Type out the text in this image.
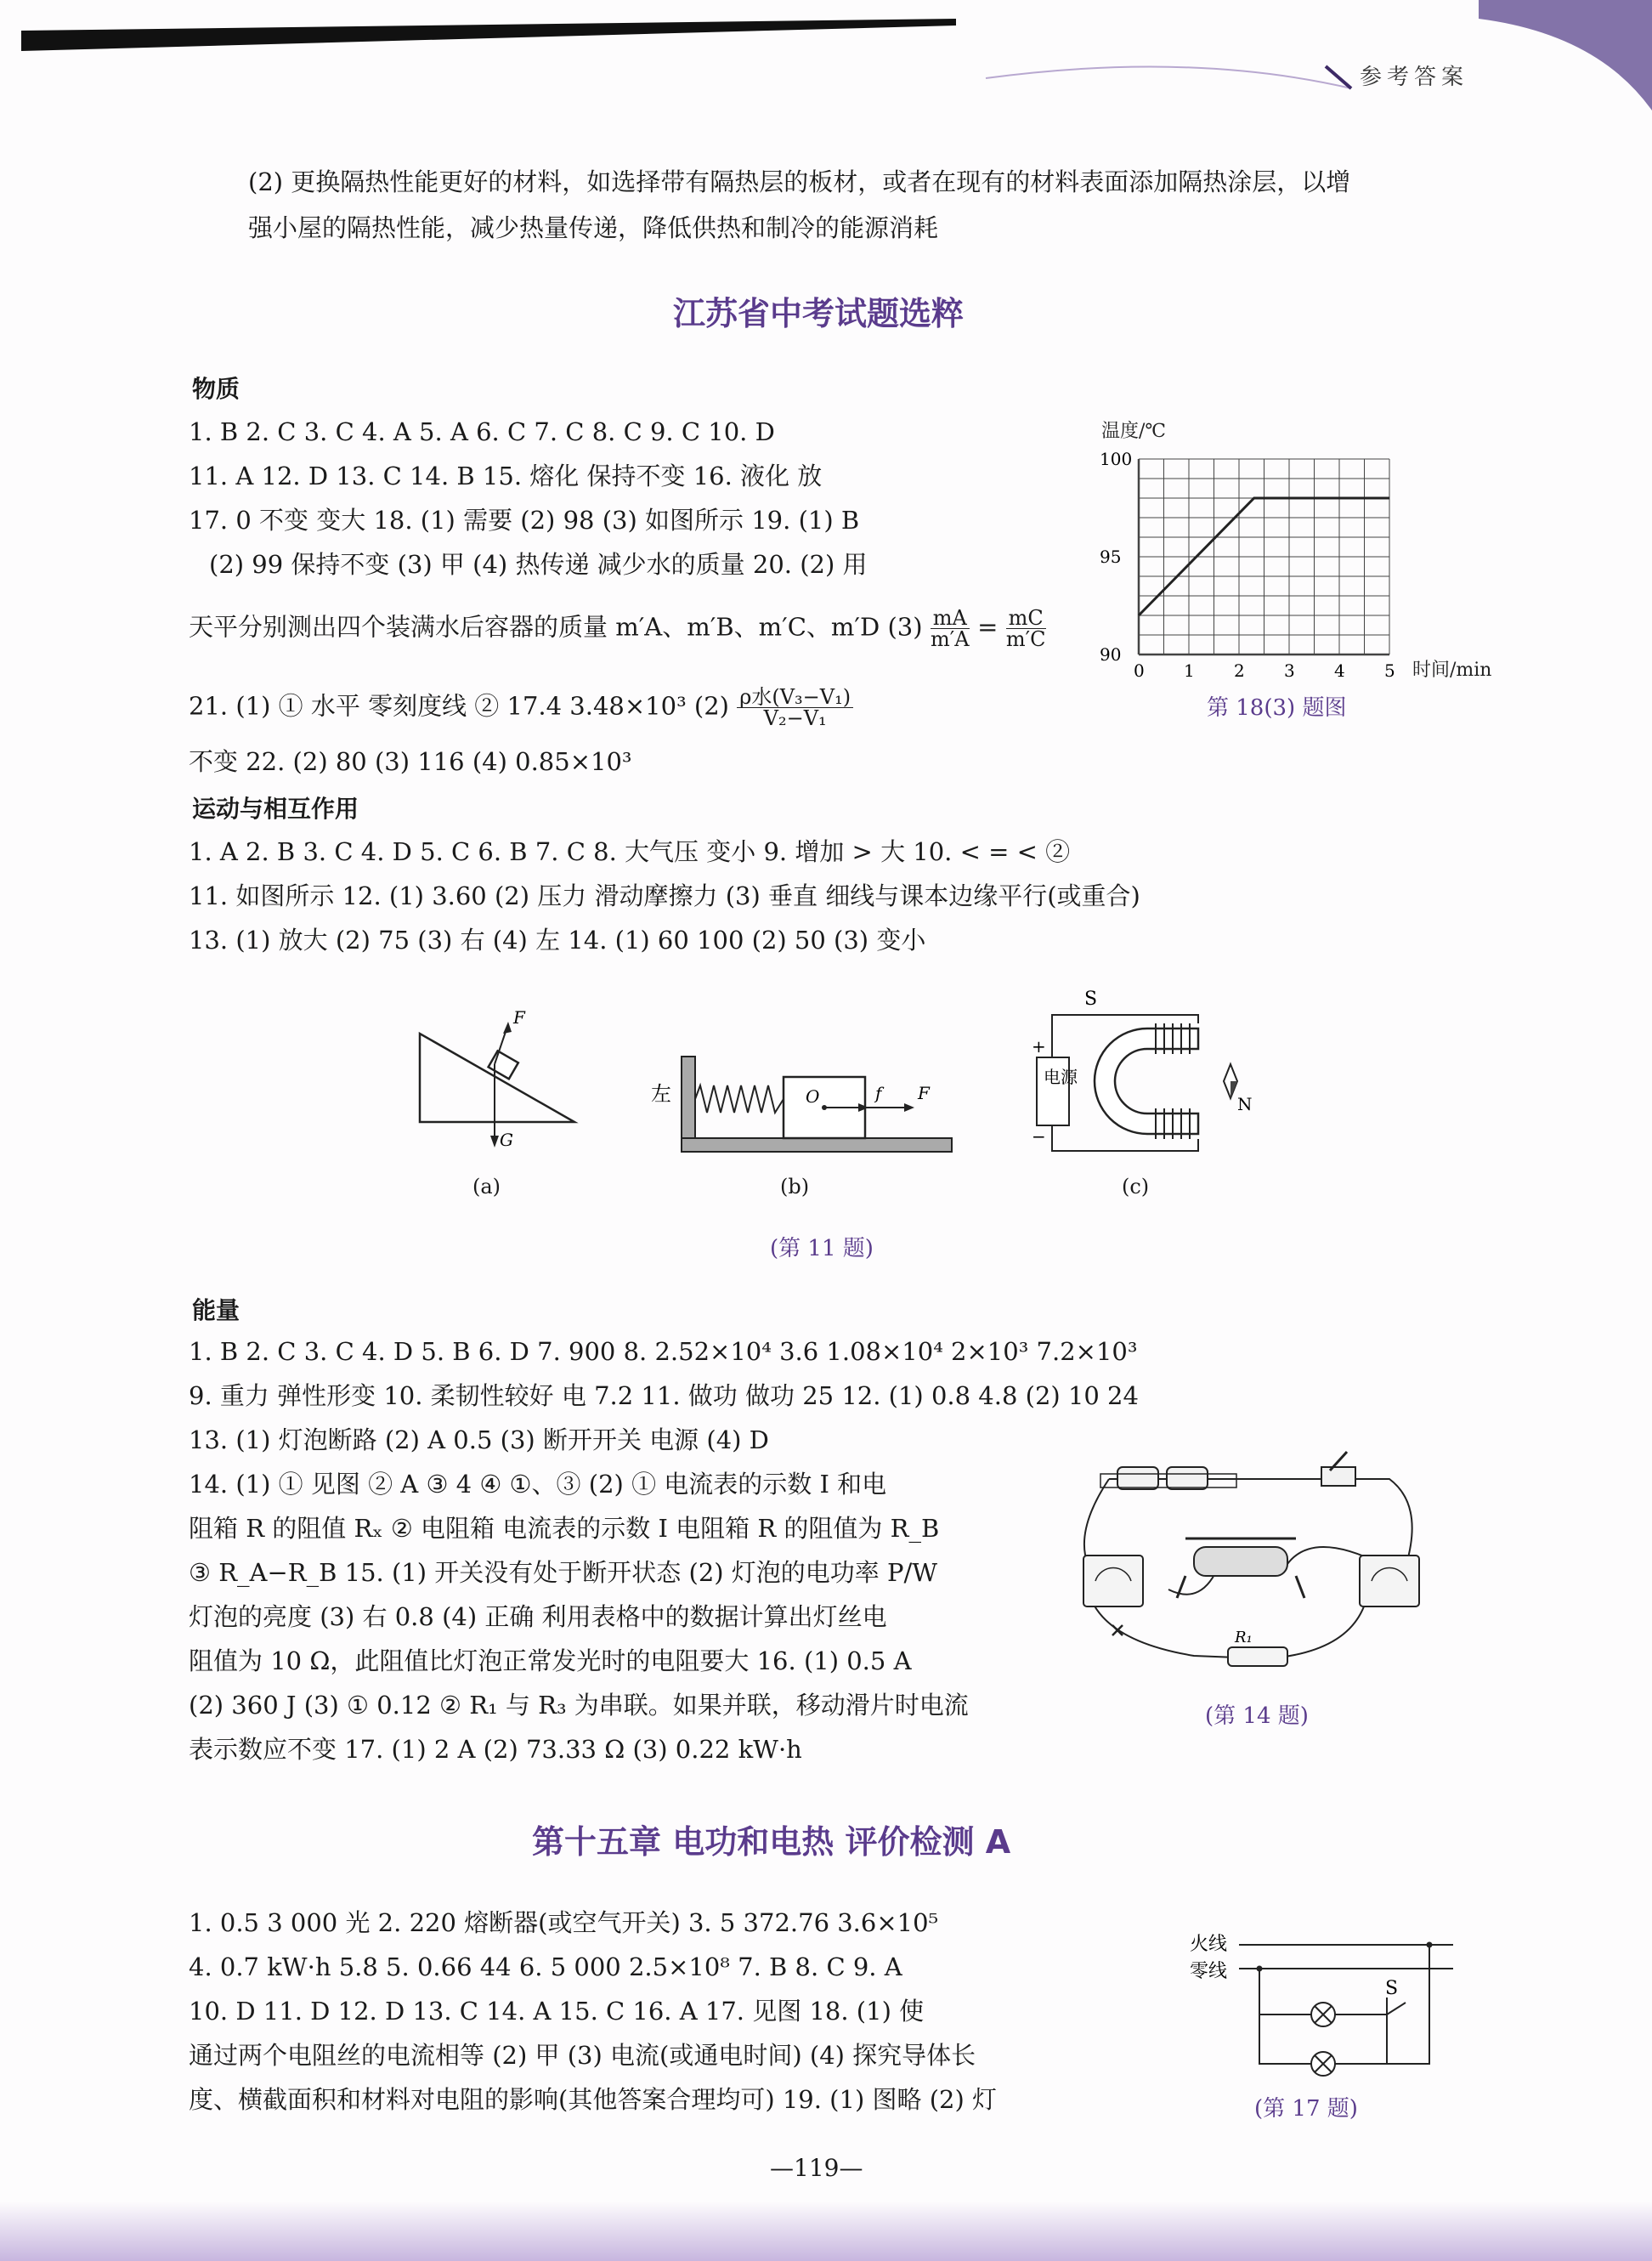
参考答案
(2) 更换隔热性能更好的材料，如选择带有隔热层的板材，或者在现有的材料表面添加隔热涂层，以增
强小屋的隔热性能，减少热量传递，降低供热和制冷的能源消耗
江苏省中考试题选粹
物质
1. B 2. C 3. C 4. A 5. A 6. C 7. C 8. C 9. C 10. D
11. A 12. D 13. C 14. B 15. 熔化 保持不变 16. 液化 放
17. 0 不变 变大 18. (1) 需要 (2) 98 (3) 如图所示 19. (1) B
(2) 99 保持不变 (3) 甲 (4) 热传递 减少水的质量 20. (2) 用
天平分别测出四个装满水后容器的质量 m′A、m′B、m′C、m′D $(3) \frac{mA}{m'A} = \frac{mC}{m'C}$
21. (1) ① 水平 零刻度线 ② 17.4 3.48×10³ $(2) \frac{\text{ρ水(V₃−V₁)}}{\text{V₂−V₁}}$
不变 22. (2) 80 (3) 116 (4) 0.85×10³
温度/℃
时间/min
0 1 2 3 4 5
100
95
90
第 18(3) 题图
运动与相互作用
1. A 2. B 3. C 4. D 5. C 6. B 7. C 8. 大气压 变小 9. 增加 > 大 10. < = < ②
11. 如图所示 12. (1) 3.60 (2) 压力 滑动摩擦力 (3) 垂直 细线与课本边缘平行(或重合)
13. (1) 放大 (2) 75 (3) 右 (4) 左 14. (1) 60 100 (2) 50 (3) 变小
F
G
(a)
左	O	f F
(b)
S
电源
+
−
N
(c)
(第 11 题)
能量
1. B 2. C 3. C 4. D 5. B 6. D 7. 900 8. 2.52×10⁴ 3.6 1.08×10⁴ 2×10³ 7.2×10³
9. 重力 弹性形变 10. 柔韧性较好 电 7.2 11. 做功 做功 25 12. (1) 0.8 4.8 (2) 10 24
13. (1) 灯泡断路 (2) A 0.5 (3) 断开开关 电源 (4) D
14. (1) ① 见图 ② A ③ 4 ④ ①、③ (2) ① 电流表的示数 I 和电
阻箱 R 的阻值 Rₓ ② 电阻箱 电流表的示数 I 电阻箱 R 的阻值为 R_B
③ R_A−R_B 15. (1) 开关没有处于断开状态 (2) 灯泡的电功率 P/W
灯泡的亮度 (3) 右 0.8 (4) 正确 利用表格中的数据计算出灯丝电
阻值为 10 Ω，此阻值比灯泡正常发光时的电阻要大 16. (1) 0.5 A
(2) 360 J (3) ① 0.12 ② R₁ 与 R₃ 为串联。如果并联，移动滑片时电流
表示数应不变 17. (1) 2 A (2) 73.33 Ω (3) 0.22 kW·h
R₁
(第 14 题)
第十五章 电功和电热 评价检测 A
1. 0.5 3 000 光 2. 220 熔断器(或空气开关) 3. 5 372.76 3.6×10⁵
4. 0.7 kW·h 5.8 5. 0.66 44 6. 5 000 2.5×10⁸ 7. B 8. C 9. A
10. D 11. D 12. D 13. C 14. A 15. C 16. A 17. 见图 18. (1) 使
通过两个电阻丝的电流相等 (2) 甲 (3) 电流(或通电时间) (4) 探究导体长
度、横截面积和材料对电阻的影响(其他答案合理均可) 19. (1) 图略 (2) 灯
火线
零线
S
(第 17 题)
—119—
